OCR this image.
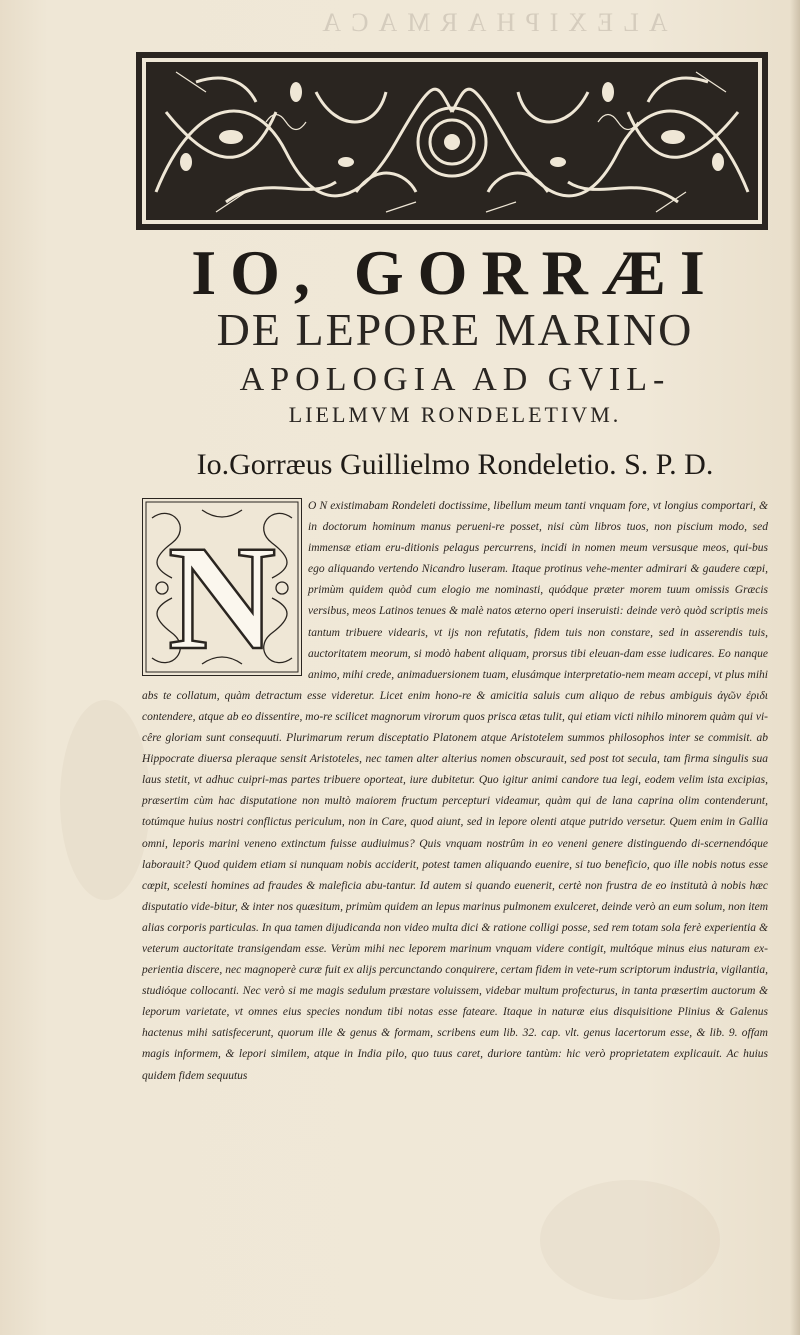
ALEXIPHARMACA
IO, GORRÆI
DE LEPORE MARINO
APOLOGIA AD GVIL-
LIELMVM RONDELETIVM.
Io.Gorræus Guillielmo Rondeletio. S. P. D.

O N existimabam Rondeleti doctissime, libellum meum tanti vnquam fore, vt longius comportari, & in doctorum hominum manus perueni-re posset, nisi cùm libros tuos, non piscium modo, sed immensæ etiam eru-ditionis pelagus percurrens, incidi in nomen meum versusque meos, qui-bus ego aliquando vertendo Nicandro luseram. Itaque protinus vehe-menter admirari & gaudere cœpi, primùm quidem quòd cum elogio me nominasti, quódque præter morem tuum omissis Græcis versibus, meos Latinos tenues & malè natos æterno operi inseruisti: deinde verò quòd scriptis meis tantum tribuere videaris, vt ijs non refutatis, fidem tuis non constare, sed in asserendis tuis, auctoritatem meorum, si modò habent aliquam, prorsus tibi eleuan-dam esse iudicares. Eo nanque animo, mihi crede, animaduersionem tuam, elusámque interpretatio-nem meam accepi, vt plus mihi abs te collatum, quàm detractum esse videretur. Licet enim hono-re & amicitia saluis cum aliquo de rebus ambiguis ἀγῶν ἐριδι contendere, atque ab eo dissentire, mo-re scilicet magnorum virorum quos prisca ætas tulit, qui etiam victi nihilo minorem quàm qui vi-cêre gloriam sunt consequuti. Plurimarum rerum disceptatio Platonem atque Aristotelem summos philosophos inter se commisit. ab Hippocrate diuersa pleraque sensit Aristoteles, nec tamen alter alterius nomen obscurauit, sed post tot secula, tam firma singulis sua laus stetit, vt adhuc cuipri-mas partes tribuere oporteat, iure dubitetur. Quo igitur animi candore tua legi, eodem velim ista excipias, præsertim cùm hac disputatione non multò maiorem fructum percepturi videamur, quàm qui de lana caprina olim contenderunt, totúmque huius nostri conflictus periculum, non in Care, quod aiunt, sed in lepore olenti atque putrido versetur. Quem enim in Gallia omni, leporis marini veneno extinctum fuisse audiuimus? Quis vnquam nostrûm in eo veneni genere distinguendo di-scernendóque laborauit? Quod quidem etiam si nunquam nobis acciderit, potest tamen aliquando euenire, si tuo beneficio, quo ille nobis notus esse cœpit, scelesti homines ad fraudes & maleficia abu-tantur. Id autem si quando euenerit, certè non frustra de eo institutà à nobis hæc disputatio vide-bitur, & inter nos quæsitum, primùm quidem an lepus marinus pulmonem exulceret, deinde verò an eum solum, non item alias corporis particulas. In qua tamen dijudicanda non video multa dici & ratione colligi posse, sed rem totam sola ferè experientia & veterum auctoritate transigendam esse. Verùm mihi nec leporem marinum vnquam videre contigit, multóque minus eius naturam ex-perientia discere, nec magnoperè curæ fuit ex alijs percunctando conquirere, certam fidem in vete-rum scriptorum industria, vigilantia, studióque collocanti. Nec verò si me magis sedulum præstare voluissem, videbar multum profecturus, in tanta præsertim auctorum & leporum varietate, vt omnes eius species nondum tibi notas esse fateare. Itaque in naturæ eius disquisitione Plinius & Galenus hactenus mihi satisfecerunt, quorum ille & genus & formam, scribens eum lib. 32. cap. vlt. genus lacertorum esse, & lib. 9. offam magis informem, & lepori similem, atque in India pilo, quo tuus caret, duriore tantùm: hic verò proprietatem explicauit. Ac huius quidem fidem sequutus

N
